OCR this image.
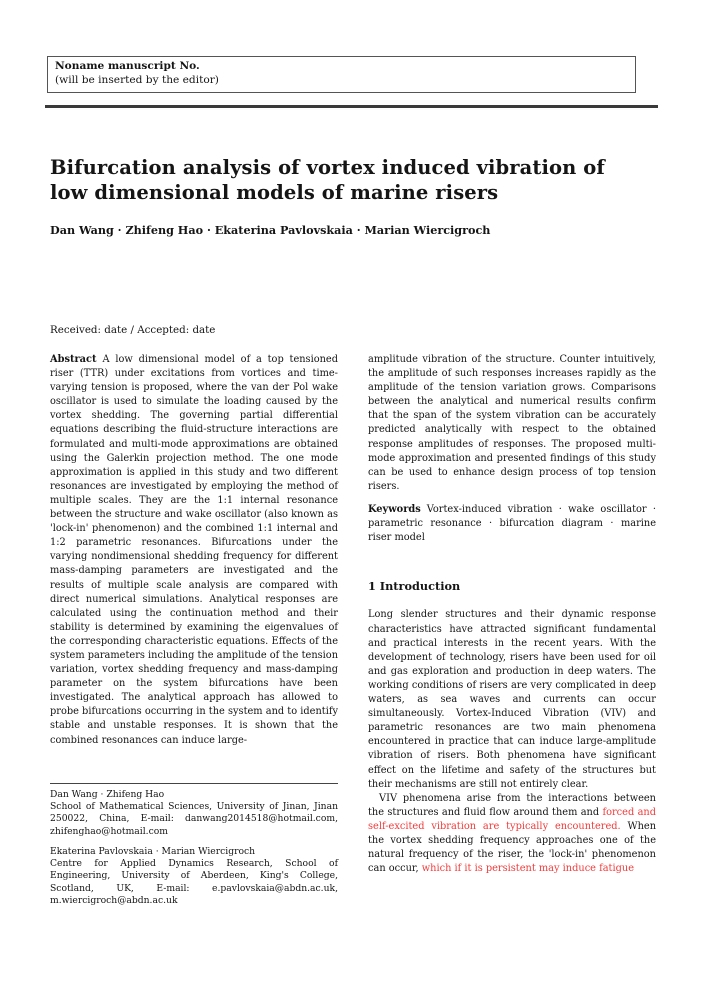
Noname manuscript No.
(will be inserted by the editor)
Bifurcation analysis of vortex induced vibration of low dimensional models of marine risers
Dan Wang · Zhifeng Hao · Ekaterina Pavlovskaia · Marian Wiercigroch
Received: date / Accepted: date

Abstract A low dimensional model of a top tensioned riser (TTR) under excitations from vortices and time-varying tension is proposed, where the van der Pol wake oscillator is used to simulate the loading caused by the vortex shedding. The governing partial differential equations describing the fluid-structure interactions are formulated and multi-mode approximations are obtained using the Galerkin projection method. The one mode approximation is applied in this study and two different resonances are investigated by employing the method of multiple scales. They are the 1:1 internal resonance between the structure and wake oscillator (also known as 'lock-in' phenomenon) and the combined 1:1 internal and 1:2 parametric resonances. Bifurcations under the varying nondimensional shedding frequency for different mass-damping parameters are investigated and the results of multiple scale analysis are compared with direct numerical simulations. Analytical responses are calculated using the continuation method and their stability is determined by examining the eigenvalues of the corresponding characteristic equations. Effects of the system parameters including the amplitude of the tension variation, vortex shedding frequency and mass-damping parameter on the system bifurcations have been investigated. The analytical approach has allowed to probe bifurcations occurring in the system and to identify stable and unstable responses. It is shown that the combined resonances can induce large-

amplitude vibration of the structure. Counter intuitively, the amplitude of such responses increases rapidly as the amplitude of the tension variation grows. Comparisons between the analytical and numerical results confirm that the span of the system vibration can be accurately predicted analytically with respect to the obtained response amplitudes of responses. The proposed multi-mode approximation and presented findings of this study can be used to enhance design process of top tension risers.

Keywords Vortex-induced vibration · wake oscillator · parametric resonance · bifurcation diagram · marine riser model

1 Introduction

Long slender structures and their dynamic response characteristics have attracted significant fundamental and practical interests in the recent years. With the development of technology, risers have been used for oil and gas exploration and production in deep waters. The working conditions of risers are very complicated in deep waters, as sea waves and currents can occur simultaneously. Vortex-Induced Vibration (VIV) and parametric resonances are two main phenomena encountered in practice that can induce large-amplitude vibration of risers. Both phenomena have significant effect on the lifetime and safety of the structures but their mechanisms are still not entirely clear.

VIV phenomena arise from the interactions between the structures and fluid flow around them and forced and self-excited vibration are typically encountered. When the vortex shedding frequency approaches one of the natural frequency of the riser, the 'lock-in' phenomenon can occur, which if it is persistent may induce fatigue

Dan Wang · Zhifeng Hao

School of Mathematical Sciences, University of Jinan, Jinan 250022, China, E-mail: danwang2014518@hotmail.com, zhifenghao@hotmail.com

Ekaterina Pavlovskaia · Marian Wiercigroch

Centre for Applied Dynamics Research, School of Engineering, University of Aberdeen, King's College, Scotland, UK, E-mail: e.pavlovskaia@abdn.ac.uk, m.wiercigroch@abdn.ac.uk
